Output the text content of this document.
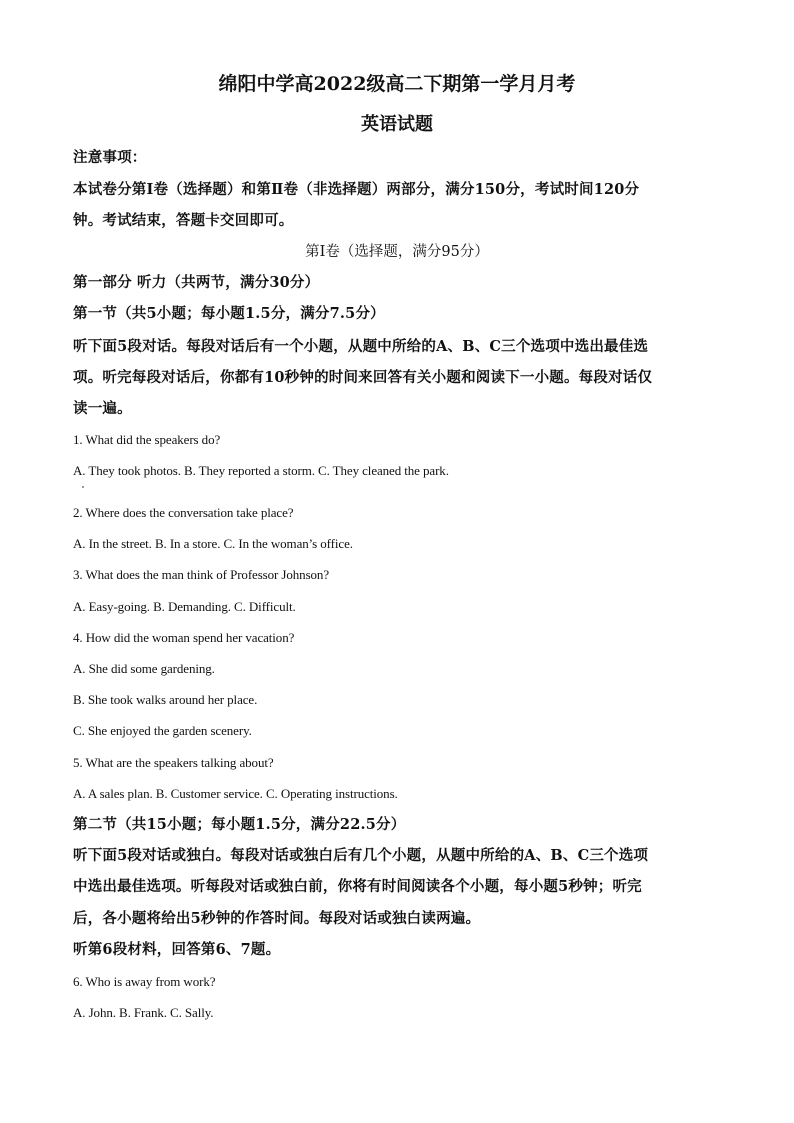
绵阳中学高2022级高二下期第一学月月考
英语试题
注意事项：
本试卷分第Ⅰ卷（选择题）和第Ⅱ卷（非选择题）两部分，满分150分，考试时间120分
钟。考试结束，答题卡交回即可。
第Ⅰ卷（选择题，满分95分）
第一部分 听力（共两节，满分30分）
第一节（共5小题；每小题1.5分，满分7.5分）
听下面5段对话。每段对话后有一个小题，从题中所给的A、B、C三个选项中选出最佳选
项。听完每段对话后，你都有10秒钟的时间来回答有关小题和阅读下一小题。每段对话仅
读一遍。
1. What did the speakers do?
A. They took photos. B. They reported a storm. C. They cleaned the park.
2. Where does the conversation take place?
A. In the street. B. In a store. C. In the woman’s office.
3. What does the man think of Professor Johnson?
A. Easy-going. B. Demanding. C. Difficult.
4. How did the woman spend her vacation?
A. She did some gardening.
B. She took walks around her place.
C. She enjoyed the garden scenery.
5. What are the speakers talking about?
A. A sales plan. B. Customer service. C. Operating instructions.
第二节（共15小题；每小题1.5分，满分22.5分）
听下面5段对话或独白。每段对话或独白后有几个小题，从题中所给的A、B、C三个选项
中选出最佳选项。听每段对话或独白前，你将有时间阅读各个小题，每小题5秒钟；听完
后，各小题将给出5秒钟的作答时间。每段对话或独白读两遍。
听第6段材料，回答第6、7题。
6. Who is away from work?
A. John. B. Frank. C. Sally.
